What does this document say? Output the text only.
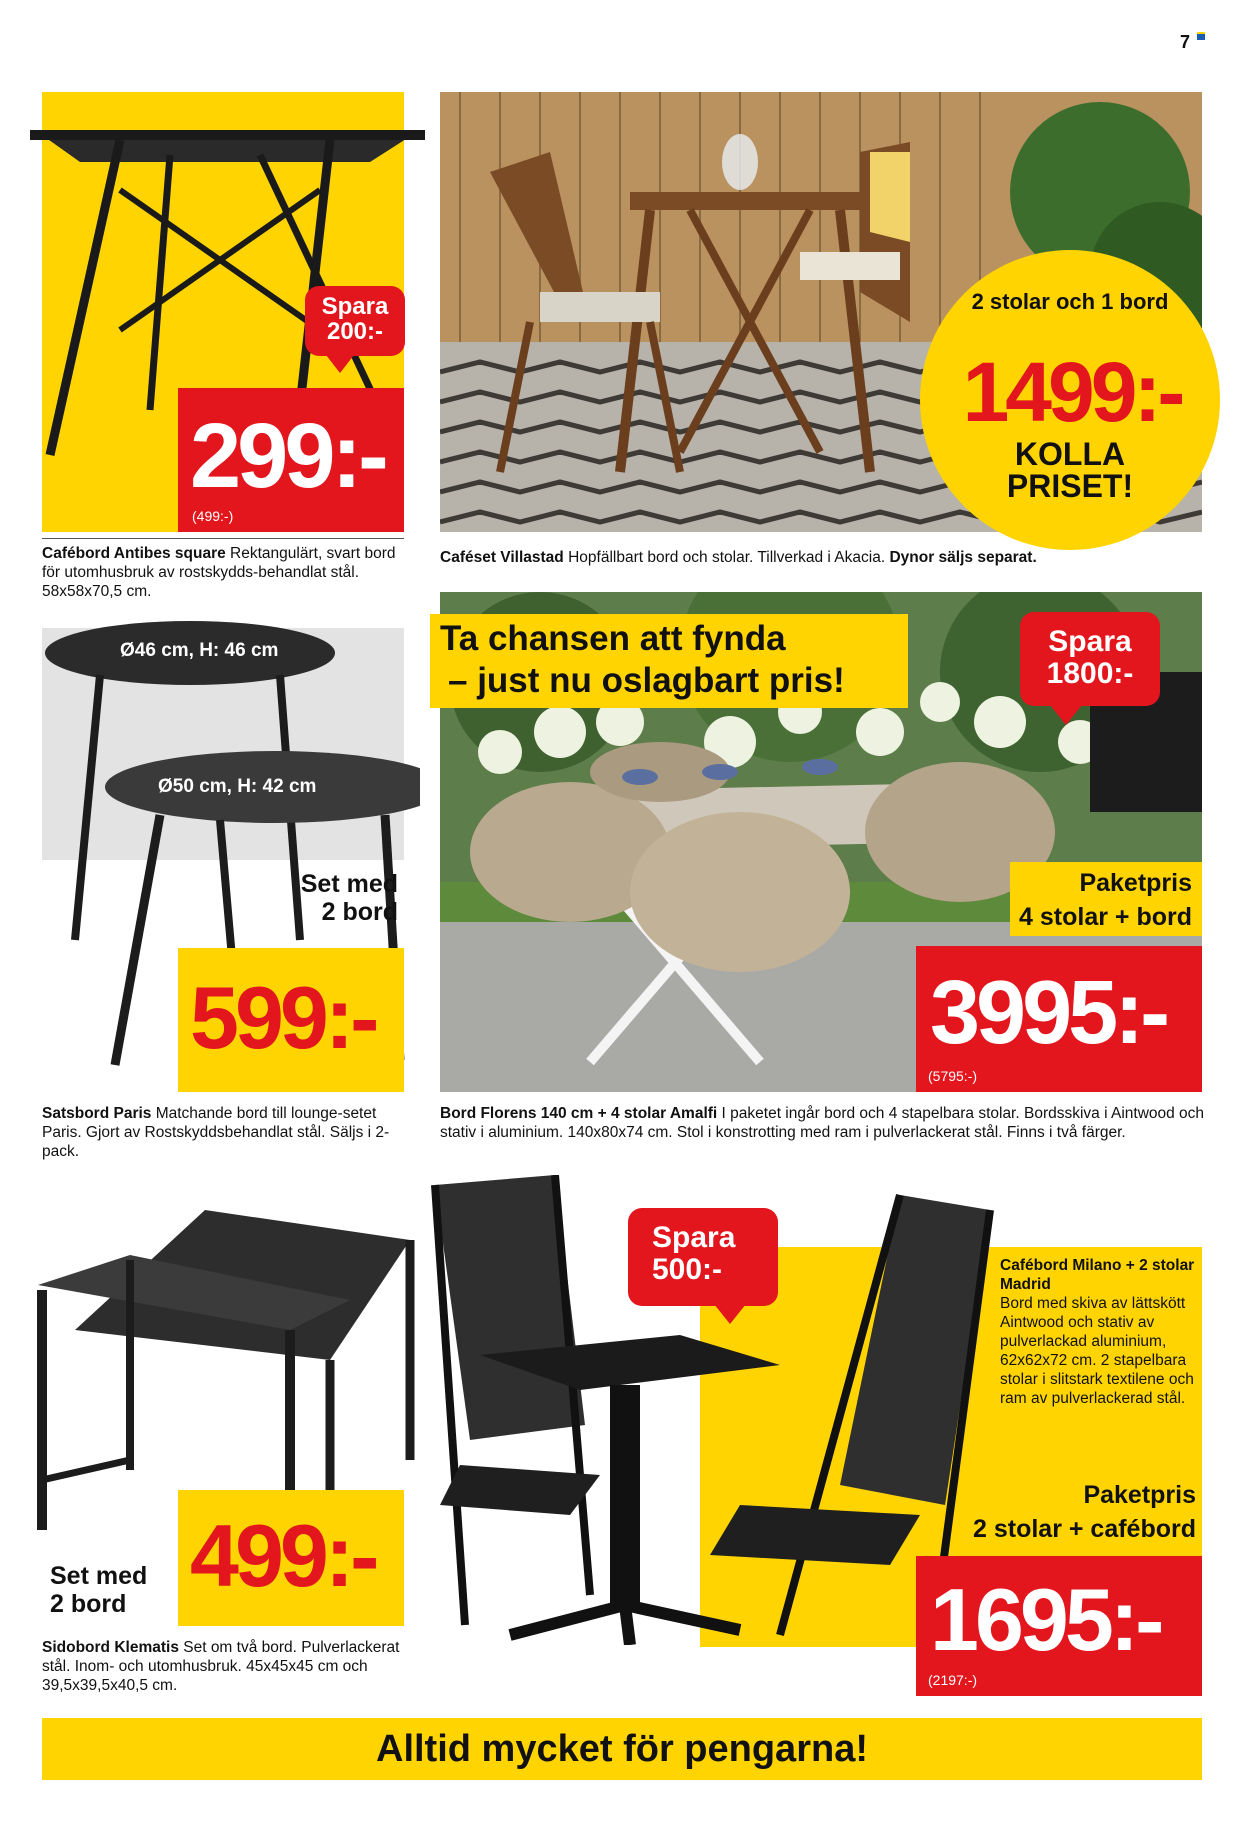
7
Spara
200:-
299:-
(499:-)
Cafébord Antibes square Rektangulärt, svart bord för utomhusbruk av rostskydds-behandlat stål. 58x58x70,5 cm.
2 stolar och 1 bord
1499:-
KOLLA PRISET!
Caféset Villastad Hopfällbart bord och stolar. Tillverkad i Akacia. Dynor säljs separat.
Ø46 cm, H: 46 cm
Ø50 cm, H: 42 cm
Set med 2 bord
599:-
Satsbord Paris Matchande bord till lounge-setet Paris. Gjort av Rostskyddsbehandlat stål. Säljs i 2-pack.
Ta chansen att fynda
– just nu oslagbart pris!
Spara
1800:-
Paketpris
4 stolar + bord
3995:-
(5795:-)
Bord Florens 140 cm + 4 stolar Amalfi I paketet ingår bord och 4 stapelbara stolar. Bordsskiva i Aintwood och stativ i aluminium. 140x80x74 cm. Stol i konstrotting med ram i pulverlackerat stål. Finns i två färger.
499:-
Set med 2 bord
Sidobord Klematis Set om två bord. Pulverlackerat stål. Inom- och utomhusbruk. 45x45x45 cm och 39,5x39,5x40,5 cm.
Spara
500:-	Cafébord Milano + 2 stolar Madrid
Bord med skiva av lättskött Aintwood och stativ av pulverlackad aluminium, 62x62x72 cm. 2 stapelbara stolar i slitstark textilene och ram av pulverlackerad stål.
Paketpris
2 stolar + cafébord
1695:-
(2197:-)
Alltid mycket för pengarna!
